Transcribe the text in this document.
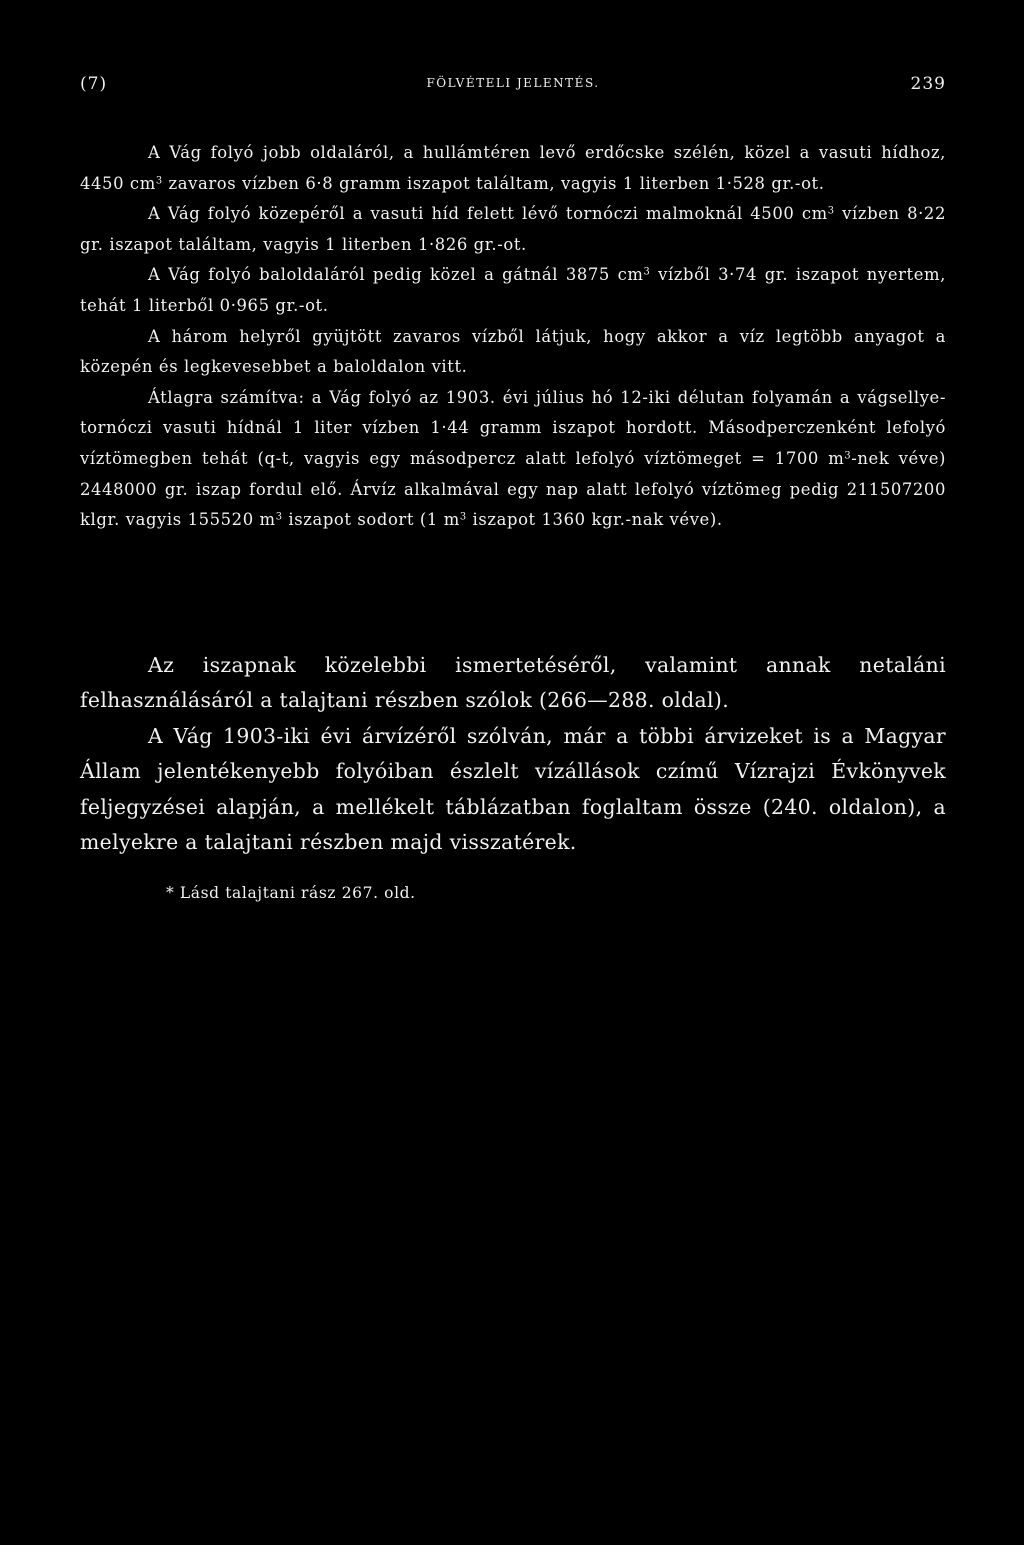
(7)	FÖLVÉTELI JELENTÉS.	239

A Vág folyó jobb oldaláról, a hullámtéren levő erdőcske szélén, közel a vasuti hídhoz, 4450 $cm^3$ zavaros vízben 6·8 gramm iszapot találtam, vagyis 1 literben 1·528 gr.-ot.

A Vág folyó közepéről a vasuti híd felett lévő tornóczi malmoknál 4500 $cm^3$ vízben 8·22 gr. iszapot találtam, vagyis 1 literben 1·826 gr.-ot.

A Vág folyó baloldaláról pedig közel a gátnál 3875 $cm^3$ vízből 3·74 gr. iszapot nyertem, tehát 1 literből 0·965 gr.-ot.

A három helyről gyüjtött zavaros vízből látjuk, hogy akkor a víz legtöbb anyagot a közepén és legkevesebbet a baloldalon vitt.

Átlagra számítva: a Vág folyó az 1903. évi július hó 12-iki délutan folyamán a vágsellye-tornóczi vasuti hídnál 1 liter vízben 1·44 gramm iszapot hordott. Másodperczenként lefolyó víztömegben tehát (q-t, vagyis egy másodpercz alatt lefolyó víztömeget = 1700 $m^3$-nek véve) 2448000 gr. iszap fordul elő. Árvíz alkalmával egy nap alatt lefolyó víztömeg pedig 211507200 klgr. vagyis 155520 $m^3$ iszapot sodort (1 $m^3$ iszapot 1360 kgr.-nak véve).

Az iszapnak közelebbi ismertetéséről, valamint annak netaláni felhasználásáról a talajtani részben szólok (266—288. oldal).

A Vág 1903-iki évi árvízéről szólván, már a többi árvizeket is a Magyar Állam jelentékenyebb folyóiban észlelt vízállások czímű Vízrajzi Évkönyvek feljegyzései alapján, a mellékelt táblázatban foglaltam össze (240. oldalon), a melyekre a talajtani részben majd visszatérek.

* Lásd talajtani rász 267. old.
